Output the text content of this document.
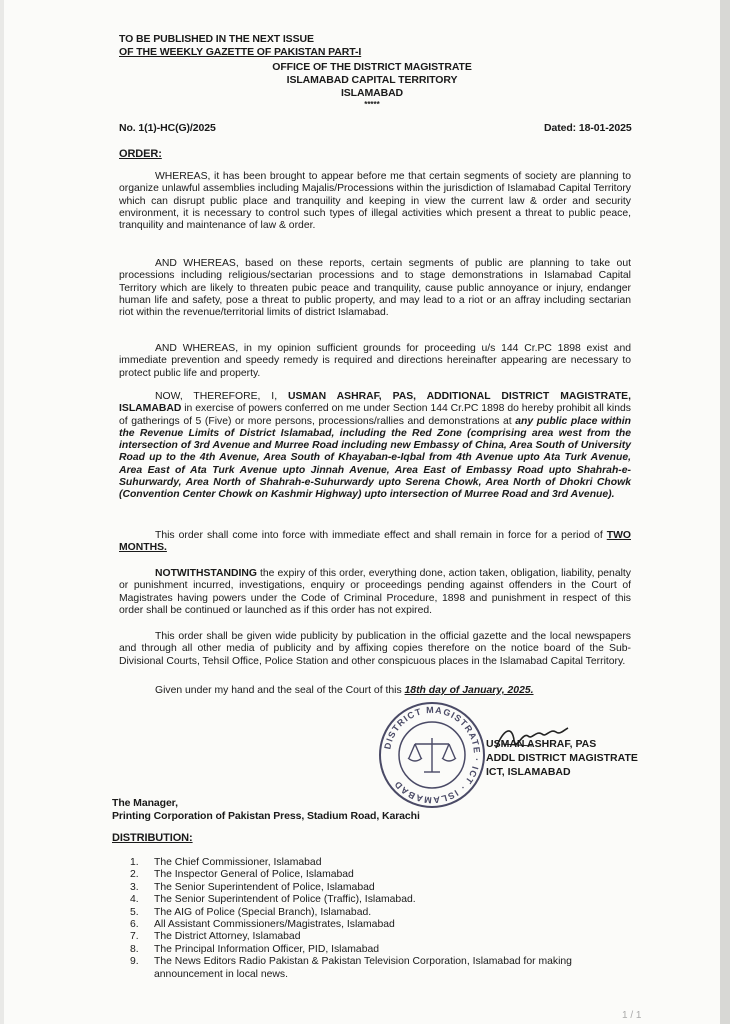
TO BE PUBLISHED IN THE NEXT ISSUE
OF THE WEEKLY GAZETTE OF PAKISTAN PART-I
OFFICE OF THE DISTRICT MAGISTRATE
ISLAMABAD CAPITAL TERRITORY
ISLAMABAD
*****
No. 1(1)-HC(G)/2025	Dated: 18-01-2025
ORDER:
WHEREAS, it has been brought to appear before me that certain segments of society are planning to organize unlawful assemblies including Majalis/Processions within the jurisdiction of Islamabad Capital Territory which can disrupt public place and tranquility and keeping in view the current law & order and security environment, it is necessary to control such types of illegal activities which present a threat to public peace, tranquility and maintenance of law & order.
AND WHEREAS, based on these reports, certain segments of public are planning to take out processions including religious/sectarian processions and to stage demonstrations in Islamabad Capital Territory which are likely to threaten pubic peace and tranquility, cause public annoyance or injury, endanger human life and safety, pose a threat to public property, and may lead to a riot or an affray including sectarian riot within the revenue/territorial limits of district Islamabad.
AND WHEREAS, in my opinion sufficient grounds for proceeding u/s 144 Cr.PC 1898 exist and immediate prevention and speedy remedy is required and directions hereinafter appearing are necessary to protect public life and property.
NOW, THEREFORE, I, USMAN ASHRAF, PAS, ADDITIONAL DISTRICT MAGISTRATE, ISLAMABAD in exercise of powers conferred on me under Section 144 Cr.PC 1898 do hereby prohibit all kinds of gatherings of 5 (Five) or more persons, processions/rallies and demonstrations at any public place within the Revenue Limits of District Islamabad, including the Red Zone (comprising area west from the intersection of 3rd Avenue and Murree Road including new Embassy of China, Area South of University Road up to the 4th Avenue, Area South of Khayaban-e-Iqbal from 4th Avenue upto Ata Turk Avenue, Area East of Ata Turk Avenue upto Jinnah Avenue, Area East of Embassy Road upto Shahrah-e-Suhurwardy, Area North of Shahrah-e-Suhurwardy upto Serena Chowk, Area North of Dhokri Chowk (Convention Center Chowk on Kashmir Highway) upto intersection of Murree Road and 3rd Avenue).
This order shall come into force with immediate effect and shall remain in force for a period of TWO MONTHS.
NOTWITHSTANDING the expiry of this order, everything done, action taken, obligation, liability, penalty or punishment incurred, investigations, enquiry or proceedings pending against offenders in the Court of Magistrates having powers under the Code of Criminal Procedure, 1898 and punishment in respect of this order shall be continued or launched as if this order has not expired.
This order shall be given wide publicity by publication in the official gazette and the local newspapers and through all other media of publicity and by affixing copies therefore on the notice board of the Sub-Divisional Courts, Tehsil Office, Police Station and other conspicuous places in the Islamabad Capital Territory.
Given under my hand and the seal of the Court of this 18th day of January, 2025.
DISTRICT MAGISTRATE · ICT · ISLAMABAD
USMAN ASHRAF, PAS
ADDL DISTRICT MAGISTRATE
ICT, ISLAMABAD
The Manager,
Printing Corporation of Pakistan Press, Stadium Road, Karachi
DISTRIBUTION:
1. The Chief Commissioner, Islamabad
2. The Inspector General of Police, Islamabad
3. The Senior Superintendent of Police, Islamabad
4. The Senior Superintendent of Police (Traffic), Islamabad.
5. The AIG of Police (Special Branch), Islamabad.
6. All Assistant Commissioners/Magistrates, Islamabad
7. The District Attorney, Islamabad
8. The Principal Information Officer, PID, Islamabad
9. The News Editors Radio Pakistan & Pakistan Television Corporation, Islamabad for making announcement in local news.
1 / 1
